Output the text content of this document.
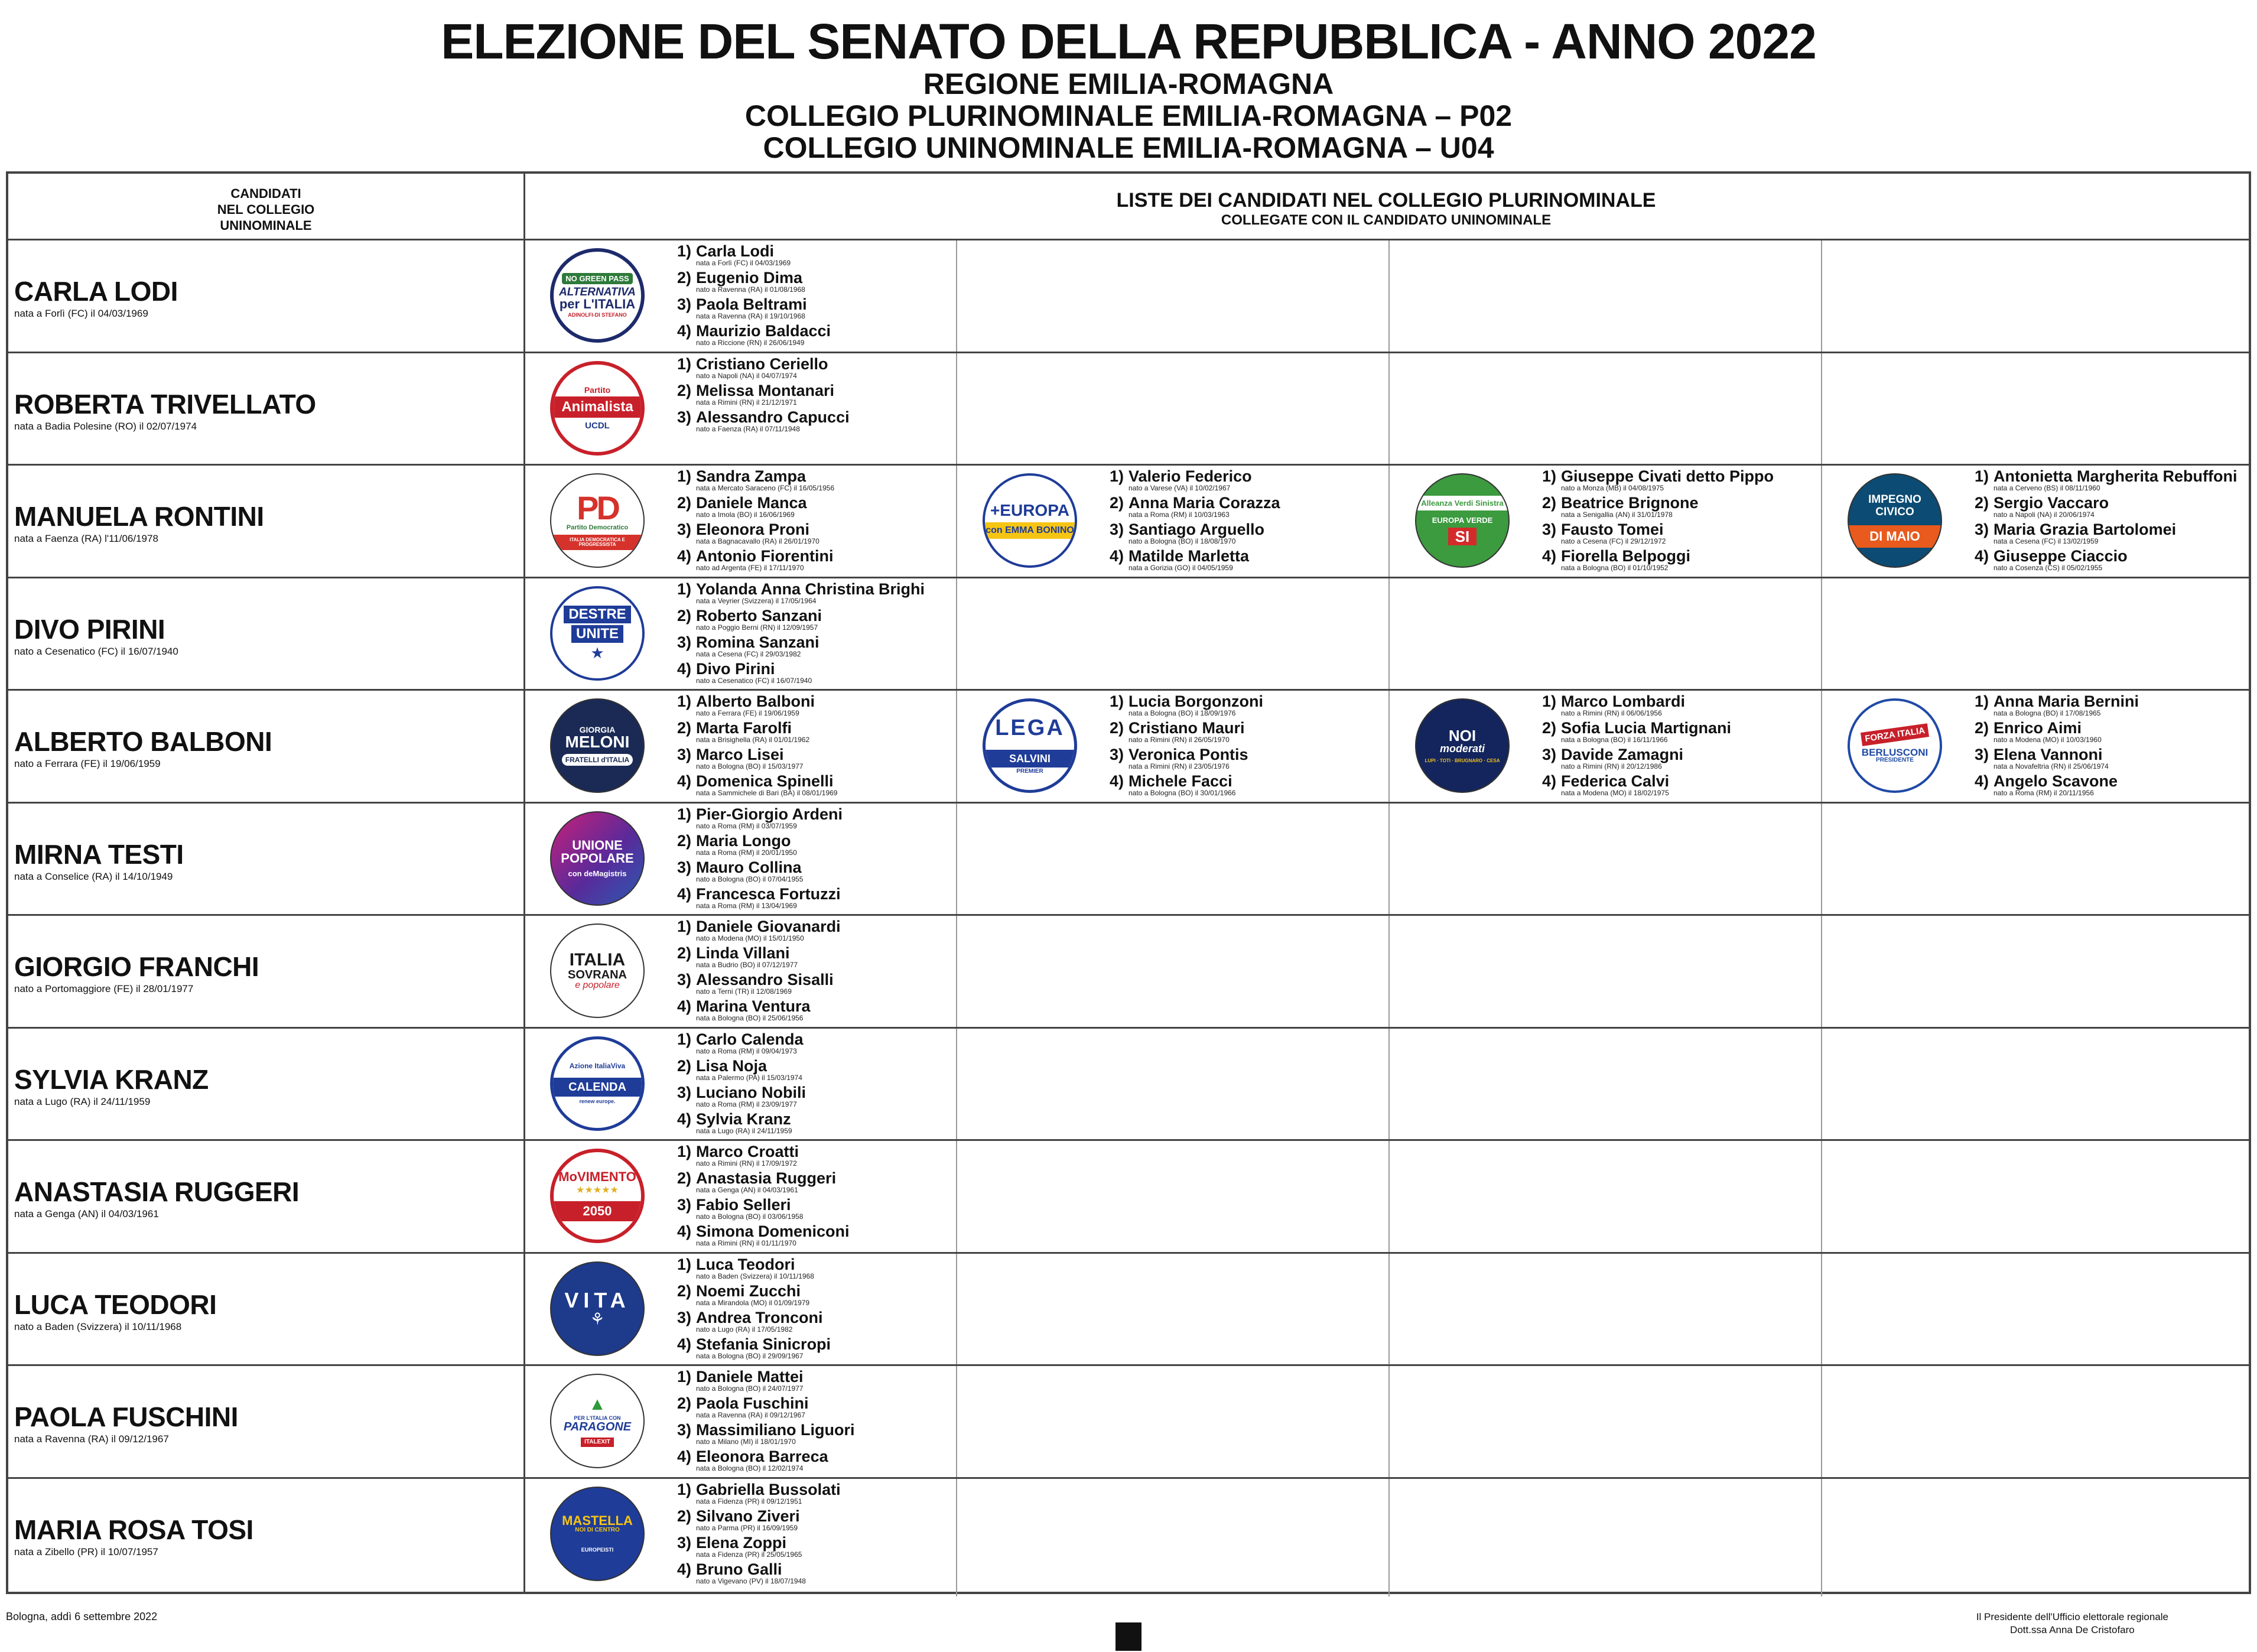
ELEZIONE DEL SENATO DELLA REPUBBLICA - ANNO 2022
REGIONE EMILIA-ROMAGNA
COLLEGIO PLURINOMINALE EMILIA-ROMAGNA – P02
COLLEGIO UNINOMINALE EMILIA-ROMAGNA – U04
CANDIDATI
NEL COLLEGIO
UNINOMINALE
LISTE DEI CANDIDATI NEL COLLEGIO PLURINOMINALE
COLLEGATE CON IL CANDIDATO UNINOMINALE
CARLA LODI
nata a Forlì (FC) il 04/03/1969
NO GREEN PASS
ALTERNATIVA
per L'ITALIA
ADINOLFI-DI STEFANO
1) Carla Lodi
nata a Forlì (FC) il 04/03/1969
2) Eugenio Dima
nato a Ravenna (RA) il 01/08/1968
3) Paola Beltrami
nata a Ravenna (RA) il 19/10/1968
4) Maurizio Baldacci
nato a Riccione (RN) il 26/06/1949
ROBERTA TRIVELLATO
nata a Badia Polesine (RO) il 02/07/1974
Partito
Animalista
UCDL
1) Cristiano Ceriello
nato a Napoli (NA) il 04/07/1974
2) Melissa Montanari
nata a Rimini (RN) il 21/12/1971
3) Alessandro Capucci
nato a Faenza (RA) il 07/11/1948
MANUELA RONTINI
nata a Faenza (RA) l'11/06/1978
PD
Partito Democratico
ITALIA DEMOCRATICA E PROGRESSISTA
1) Sandra Zampa
nata a Mercato Saraceno (FC) il 16/05/1956
2) Daniele Manca
nato a Imola (BO) il 16/06/1969
3) Eleonora Proni
nata a Bagnacavallo (RA) il 26/01/1970
4) Antonio Fiorentini
nato ad Argenta (FE) il 17/11/1970
+EUROPA
con EMMA BONINO
1) Valerio Federico
nato a Varese (VA) il 10/02/1967
2) Anna Maria Corazza
nata a Roma (RM) il 10/03/1963
3) Santiago Arguello
nato a Bologna (BO) il 18/08/1970
4) Matilde Marletta
nata a Gorizia (GO) il 04/05/1959
Alleanza Verdi Sinistra
EUROPA VERDE
SI
1) Giuseppe Civati detto Pippo
nato a Monza (MB) il 04/08/1975
2) Beatrice Brignone
nata a Senigallia (AN) il 31/01/1978
3) Fausto Tomei
nato a Cesena (FC) il 29/12/1972
4) Fiorella Belpoggi
nata a Bologna (BO) il 01/10/1952
IMPEGNO CIVICO
DI MAIO
1) Antonietta Margherita Rebuffoni
nata a Cerveno (BS) il 08/11/1960
2) Sergio Vaccaro
nato a Napoli (NA) il 20/06/1974
3) Maria Grazia Bartolomei
nata a Cesena (FC) il 13/02/1959
4) Giuseppe Ciaccio
nato a Cosenza (CS) il 05/02/1955
DIVO PIRINI
nato a Cesenatico (FC) il 16/07/1940
DESTRE
UNITE
★
1) Yolanda Anna Christina Brighi
nata a Veyrier (Svizzera) il 17/05/1964
2) Roberto Sanzani
nato a Poggio Berni (RN) il 12/09/1957
3) Romina Sanzani
nata a Cesena (FC) il 29/03/1982
4) Divo Pirini
nato a Cesenatico (FC) il 16/07/1940
ALBERTO BALBONI
nato a Ferrara (FE) il 19/06/1959
GIORGIA
MELONI
FRATELLI d'ITALIA
1) Alberto Balboni
nato a Ferrara (FE) il 19/06/1959
2) Marta Farolfi
nata a Brisighella (RA) il 01/01/1962
3) Marco Lisei
nato a Bologna (BO) il 15/03/1977
4) Domenica Spinelli
nata a Sammichele di Bari (BA) il 08/01/1969
LEGA
SALVINI
PREMIER
1) Lucia Borgonzoni
nata a Bologna (BO) il 18/09/1976
2) Cristiano Mauri
nato a Rimini (RN) il 26/05/1970
3) Veronica Pontis
nata a Rimini (RN) il 23/05/1976
4) Michele Facci
nato a Bologna (BO) il 30/01/1966
NOI
moderati
LUPI · TOTI · BRUGNARO · CESA
1) Marco Lombardi
nato a Rimini (RN) il 06/06/1956
2) Sofia Lucia Martignani
nata a Bologna (BO) il 16/11/1966
3) Davide Zamagni
nato a Rimini (RN) il 20/12/1986
4) Federica Calvi
nata a Modena (MO) il 18/02/1975
FORZA ITALIA
BERLUSCONI
PRESIDENTE
1) Anna Maria Bernini
nata a Bologna (BO) il 17/08/1965
2) Enrico Aimi
nato a Modena (MO) il 10/03/1960
3) Elena Vannoni
nata a Novafeltria (RN) il 25/06/1974
4) Angelo Scavone
nato a Roma (RM) il 20/11/1956
MIRNA TESTI
nata a Conselice (RA) il 14/10/1949
UNIONE
POPOLARE
con deMagistris
1) Pier-Giorgio Ardeni
nato a Roma (RM) il 03/07/1959
2) Maria Longo
nata a Roma (RM) il 20/01/1950
3) Mauro Collina
nato a Bologna (BO) il 07/04/1955
4) Francesca Fortuzzi
nata a Roma (RM) il 13/04/1969
GIORGIO FRANCHI
nato a Portomaggiore (FE) il 28/01/1977
ITALIA
SOVRANA
e popolare
1) Daniele Giovanardi
nato a Modena (MO) il 15/01/1950
2) Linda Villani
nata a Budrio (BO) il 07/12/1977
3) Alessandro Sisalli
nato a Terni (TR) il 12/08/1969
4) Marina Ventura
nata a Bologna (BO) il 25/06/1956
SYLVIA KRANZ
nata a Lugo (RA) il 24/11/1959
Azione ItaliaViva
CALENDA
renew europe.
1) Carlo Calenda
nato a Roma (RM) il 09/04/1973
2) Lisa Noja
nata a Palermo (PA) il 15/03/1974
3) Luciano Nobili
nato a Roma (RM) il 23/09/1977
4) Sylvia Kranz
nata a Lugo (RA) il 24/11/1959
ANASTASIA RUGGERI
nata a Genga (AN) il 04/03/1961
MoVIMENTO
★★★★★
2050
1) Marco Croatti
nato a Rimini (RN) il 17/09/1972
2) Anastasia Ruggeri
nata a Genga (AN) il 04/03/1961
3) Fabio Selleri
nato a Bologna (BO) il 03/06/1958
4) Simona Domeniconi
nata a Rimini (RN) il 01/11/1970
LUCA TEODORI
nato a Baden (Svizzera) il 10/11/1968
VITA
⚘
1) Luca Teodori
nato a Baden (Svizzera) il 10/11/1968
2) Noemi Zucchi
nata a Mirandola (MO) il 01/09/1979
3) Andrea Tronconi
nato a Lugo (RA) il 17/05/1982
4) Stefania Sinicropi
nata a Bologna (BO) il 29/09/1967
PAOLA FUSCHINI
nata a Ravenna (RA) il 09/12/1967
▲
PER L'ITALIA CON
PARAGONE
ITALEXIT
1) Daniele Mattei
nato a Bologna (BO) il 24/07/1977
2) Paola Fuschini
nata a Ravenna (RA) il 09/12/1967
3) Massimiliano Liguori
nato a Milano (MI) il 18/01/1970
4) Eleonora Barreca
nata a Bologna (BO) il 12/02/1974
MARIA ROSA TOSI
nata a Zibello (PR) il 10/07/1957
MASTELLA
NOI DI CENTRO
EUROPEISTI
1) Gabriella Bussolati
nata a Fidenza (PR) il 09/12/1951
2) Silvano Ziveri
nato a Parma (PR) il 16/09/1959
3) Elena Zoppi
nata a Fidenza (PR) il 25/05/1965
4) Bruno Galli
nato a Vigevano (PV) il 18/07/1948
Bologna, addì 6 settembre 2022	Il Presidente dell'Ufficio elettorale regionale
Dott.ssa Anna De Cristofaro
